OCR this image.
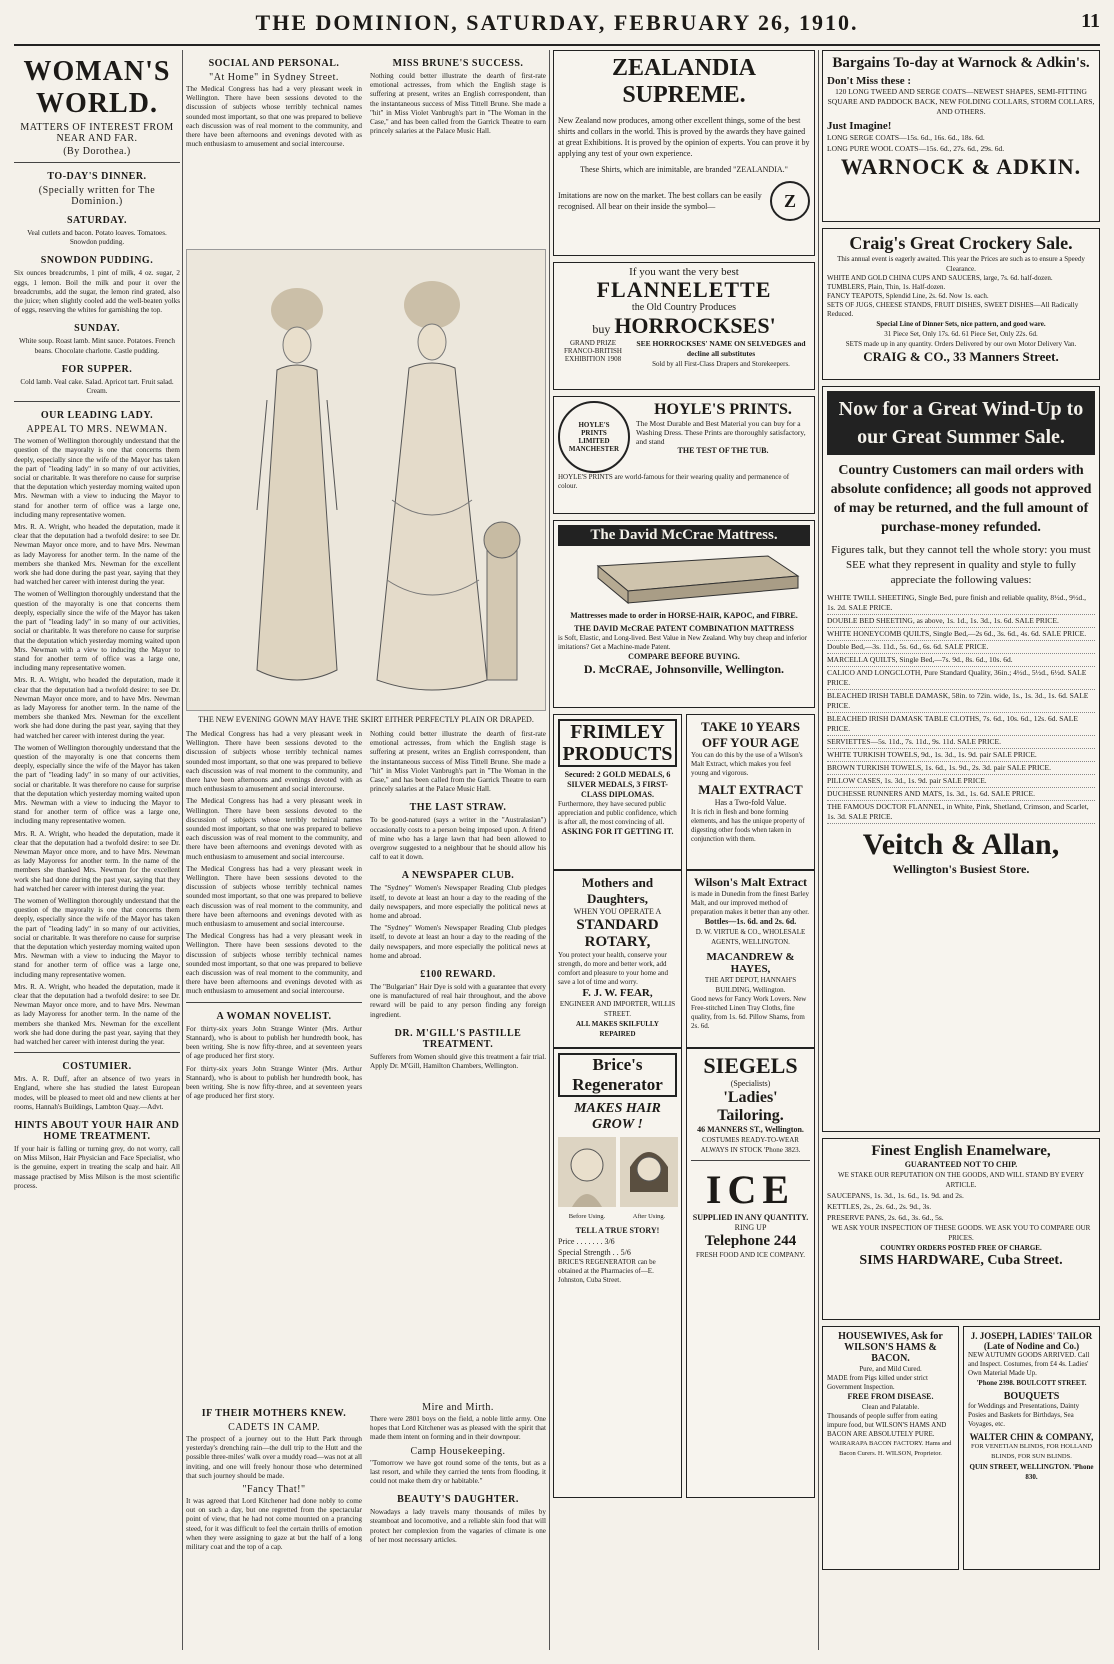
THE DOMINION, SATURDAY, FEBRUARY 26, 1910.	11
WOMAN'S WORLD.
MATTERS OF INTEREST FROM NEAR AND FAR.
(By Dorothea.)
TO-DAY'S DINNER.
(Specially written for The Dominion.)
SATURDAY.

Veal cutlets and bacon. Potato loaves. Tomatoes. Snowdon pudding.

SNOWDON PUDDING.

Six ounces breadcrumbs, 1 pint of milk, 4 oz. sugar, 2 eggs, 1 lemon. Boil the milk and pour it over the breadcrumbs, add the sugar, the lemon rind grated, also the juice; when slightly cooled add the well-beaten yolks of eggs, reserving the whites for garnishing the top.

SUNDAY.

White soup. Roast lamb. Mint sauce. Potatoes. French beans. Chocolate charlotte. Castle pudding.

FOR SUPPER.

Cold lamb. Veal cake. Salad. Apricot tart. Fruit salad. Cream.

OUR LEADING LADY.
APPEAL TO MRS. NEWMAN.

The women of Wellington thoroughly understand that the question of the mayoralty is one that concerns them deeply, especially since the wife of the Mayor has taken the part of "leading lady" in so many of our activities, social or charitable. It was therefore no cause for surprise that the deputation which yesterday morning waited upon Mrs. Newman with a view to inducing the Mayor to stand for another term of office was a large one, including many representative women.

Mrs. R. A. Wright, who headed the deputation, made it clear that the deputation had a twofold desire: to see Dr. Newman Mayor once more, and to have Mrs. Newman as lady Mayoress for another term. In the name of the members she thanked Mrs. Newman for the excellent work she had done during the past year, saying that they had watched her career with interest during the year.

The women of Wellington thoroughly understand that the question of the mayoralty is one that concerns them deeply, especially since the wife of the Mayor has taken the part of "leading lady" in so many of our activities, social or charitable. It was therefore no cause for surprise that the deputation which yesterday morning waited upon Mrs. Newman with a view to inducing the Mayor to stand for another term of office was a large one, including many representative women.

Mrs. R. A. Wright, who headed the deputation, made it clear that the deputation had a twofold desire: to see Dr. Newman Mayor once more, and to have Mrs. Newman as lady Mayoress for another term. In the name of the members she thanked Mrs. Newman for the excellent work she had done during the past year, saying that they had watched her career with interest during the year.

The women of Wellington thoroughly understand that the question of the mayoralty is one that concerns them deeply, especially since the wife of the Mayor has taken the part of "leading lady" in so many of our activities, social or charitable. It was therefore no cause for surprise that the deputation which yesterday morning waited upon Mrs. Newman with a view to inducing the Mayor to stand for another term of office was a large one, including many representative women.

Mrs. R. A. Wright, who headed the deputation, made it clear that the deputation had a twofold desire: to see Dr. Newman Mayor once more, and to have Mrs. Newman as lady Mayoress for another term. In the name of the members she thanked Mrs. Newman for the excellent work she had done during the past year, saying that they had watched her career with interest during the year.

The women of Wellington thoroughly understand that the question of the mayoralty is one that concerns them deeply, especially since the wife of the Mayor has taken the part of "leading lady" in so many of our activities, social or charitable. It was therefore no cause for surprise that the deputation which yesterday morning waited upon Mrs. Newman with a view to inducing the Mayor to stand for another term of office was a large one, including many representative women.

Mrs. R. A. Wright, who headed the deputation, made it clear that the deputation had a twofold desire: to see Dr. Newman Mayor once more, and to have Mrs. Newman as lady Mayoress for another term. In the name of the members she thanked Mrs. Newman for the excellent work she had done during the past year, saying that they had watched her career with interest during the year.

COSTUMIER.

Mrs. A. R. Duff, after an absence of two years in England, where she has studied the latest European modes, will be pleased to meet old and new clients at her rooms, Hannah's Buildings, Lambton Quay.—Advt.

HINTS ABOUT YOUR HAIR AND HOME TREATMENT.

If your hair is falling or turning grey, do not worry, call on Miss Milson, Hair Physician and Face Specialist, who is the genuine, expert in treating the scalp and hair. All massage practised by Miss Milson is the most scientific process.

SOCIAL AND PERSONAL.
"At Home" in Sydney Street.

The Medical Congress has had a very pleasant week in Wellington. There have been sessions devoted to the discussion of subjects whose terribly technical names sounded most important, so that one was prepared to believe each discussion was of real moment to the community, and there have been afternoons and evenings devoted with as much enthusiasm to amusement and social intercourse.

MISS BRUNE'S SUCCESS.

Nothing could better illustrate the dearth of first-rate emotional actresses, from which the English stage is suffering at present, writes an English correspondent, than the instantaneous success of Miss Tittell Brune. She made a "hit" in Miss Violet Vanbrugh's part in "The Woman in the Case," and has been called from the Garrick Theatre to earn princely salaries at the Palace Music Hall.

THE NEW EVENING GOWN MAY HAVE THE SKIRT EITHER PERFECTLY PLAIN OR DRAPED.

The Medical Congress has had a very pleasant week in Wellington. There have been sessions devoted to the discussion of subjects whose terribly technical names sounded most important, so that one was prepared to believe each discussion was of real moment to the community, and there have been afternoons and evenings devoted with as much enthusiasm to amusement and social intercourse.

The Medical Congress has had a very pleasant week in Wellington. There have been sessions devoted to the discussion of subjects whose terribly technical names sounded most important, so that one was prepared to believe each discussion was of real moment to the community, and there have been afternoons and evenings devoted with as much enthusiasm to amusement and social intercourse.

The Medical Congress has had a very pleasant week in Wellington. There have been sessions devoted to the discussion of subjects whose terribly technical names sounded most important, so that one was prepared to believe each discussion was of real moment to the community, and there have been afternoons and evenings devoted with as much enthusiasm to amusement and social intercourse.

The Medical Congress has had a very pleasant week in Wellington. There have been sessions devoted to the discussion of subjects whose terribly technical names sounded most important, so that one was prepared to believe each discussion was of real moment to the community, and there have been afternoons and evenings devoted with as much enthusiasm to amusement and social intercourse.

A WOMAN NOVELIST.

For thirty-six years John Strange Winter (Mrs. Arthur Stannard), who is about to publish her hundredth book, has been writing. She is now fifty-three, and at seventeen years of age produced her first story.

For thirty-six years John Strange Winter (Mrs. Arthur Stannard), who is about to publish her hundredth book, has been writing. She is now fifty-three, and at seventeen years of age produced her first story.

Nothing could better illustrate the dearth of first-rate emotional actresses, from which the English stage is suffering at present, writes an English correspondent, than the instantaneous success of Miss Tittell Brune. She made a "hit" in Miss Violet Vanbrugh's part in "The Woman in the Case," and has been called from the Garrick Theatre to earn princely salaries at the Palace Music Hall.

THE LAST STRAW.

To be good-natured (says a writer in the "Australasian") occasionally costs to a person being imposed upon. A friend of mine who has a large lawn that had been allowed to overgrow suggested to a neighbour that he should allow his calf to eat it down.

A NEWSPAPER CLUB.

The "Sydney" Women's Newspaper Reading Club pledges itself, to devote at least an hour a day to the reading of the daily newspapers, and more especially the political news at home and abroad.

The "Sydney" Women's Newspaper Reading Club pledges itself, to devote at least an hour a day to the reading of the daily newspapers, and more especially the political news at home and abroad.

£100 REWARD.

The "Bulgarian" Hair Dye is sold with a guarantee that every one is manufactured of real hair throughout, and the above reward will be paid to any person finding any foreign ingredient.

DR. M'GILL'S PASTILLE TREATMENT.

Sufferers from Women should give this treatment a fair trial. Apply Dr. M'Gill, Hamilton Chambers, Wellington.

IF THEIR MOTHERS KNEW.
CADETS IN CAMP.

The prospect of a journey out to the Hutt Park through yesterday's drenching rain—the dull trip to the Hutt and the possible three-miles' walk over a muddy road—was not at all inviting, and one will freely honour those who determined that such journey should be made.

"Fancy That!"

It was agreed that Lord Kitchener had done nobly to come out on such a day, but one regretted from the spectacular point of view, that he had not come mounted on a prancing steed, for it was difficult to feel the certain thrills of emotion when they were assigning to gaze at but the half of a long military coat and the top of a cap.

Mire and Mirth.

There were 2801 boys on the field, a noble little army. One hopes that Lord Kitchener was as pleased with the spirit that made them intent on forming and in their downpour.

Camp Housekeeping.

"Tomorrow we have got round some of the tents, but as a last resort, and while they carried the tents from flooding, it could not make them dry or habitable."

BEAUTY'S DAUGHTER.

Nowadays a lady travels many thousands of miles by steamboat and locomotive, and a reliable skin food that will protect her complexion from the vagaries of climate is one of her most necessary articles.

ZEALANDIA SUPREME.
New Zealand now produces, among other excellent things, some of the best shirts and collars in the world. This is proved by the awards they have gained at great Exhibitions. It is proved by the opinion of experts. You can prove it by applying any test of your own experience.
These Shirts, which are inimitable, are branded "ZEALANDIA."
Imitations are now on the market. The best collars can be easily recognised. All bear on their inside the symbol—	Z
If you want the very best
FLANNELETTE
the Old Country Produces
buy HORROCKSES'
GRAND PRIZE FRANCO-BRITISH EXHIBITION 1908
SEE HORROCKSES' NAME ON SELVEDGES and decline all substitutes
Sold by all First-Class Drapers and Storekeepers.
HOYLE'S PRINTS LIMITED MANCHESTER
HOYLE'S PRINTS.
The Most Durable and Best Material you can buy for a Washing Dress. These Prints are thoroughly satisfactory, and stand
THE TEST OF THE TUB.
HOYLE'S PRINTS are world-famous for their wearing quality and permanence of colour.
The David McCrae Mattress.
Mattresses made to order in HORSE-HAIR, KAPOC, and FIBRE.
THE DAVID McCRAE PATENT COMBINATION MATTRESS
is Soft, Elastic, and Long-lived. Best Value in New Zealand. Why buy cheap and inferior imitations? Get a Machine-made Patent.
COMPARE BEFORE BUYING.
D. McCRAE, Johnsonville, Wellington.
FRIMLEY PRODUCTS
Secured: 2 GOLD MEDALS, 6 SILVER MEDALS, 3 FIRST-CLASS DIPLOMAS.
Furthermore, they have secured public appreciation and public confidence, which is after all, the most convincing of all.
ASKING FOR IT GETTING IT.
TAKE 10 YEARS OFF YOUR AGE
You can do this by the use of a Wilson's Malt Extract, which makes you feel young and vigorous.
MALT EXTRACT
Has a Two-fold Value.
It is rich in flesh and bone forming elements, and has the unique property of digesting other foods when taken in conjunction with them.
Mothers and Daughters,
WHEN YOU OPERATE A
STANDARD ROTARY,
You protect your health, conserve your strength, do more and better work, add comfort and pleasure to your home and save a lot of time and worry.
F. J. W. FEAR,
ENGINEER AND IMPORTER, WILLIS STREET.
ALL MAKES SKILFULLY REPAIRED
Wilson's Malt Extract
is made in Dunedin from the finest Barley Malt, and our improved method of preparation makes it better than any other.
Bottles—1s. 6d. and 2s. 6d.
D. W. VIRTUE & CO., WHOLESALE AGENTS, WELLINGTON.
MACANDREW & HAYES,
THE ART DEPOT, HANNAH'S BUILDING, Wellington.
Good news for Fancy Work Lovers. New Free-stitched Linen Tray Cloths, fine quality, from 1s. 6d. Pillow Shams, from 2s. 6d.
Brice's Regenerator
MAKES HAIR GROW !
Before Using.	After Using.
TELL A TRUE STORY!
Price . . . . . . . 3/6
Special Strength . . 5/6
BRICE'S REGENERATOR can be obtained at the Pharmacies of—E. Johnston, Cuba Street.
SIEGELS
(Specialists)
'Ladies' Tailoring.
46 MANNERS ST., Wellington.
COSTUMES READY-TO-WEAR ALWAYS IN STOCK 'Phone 3823.
ICE
SUPPLIED IN ANY QUANTITY.
RING UP
Telephone 244
FRESH FOOD AND ICE COMPANY.
Bargains To-day at Warnock & Adkin's.
Don't Miss these :
120 LONG TWEED AND SERGE COATS—NEWEST SHAPES, SEMI-FITTING SQUARE AND PADDOCK BACK, NEW FOLDING COLLARS, STORM COLLARS, AND OTHERS.
Just Imagine!
LONG SERGE COATS—15s. 6d., 16s. 6d., 18s. 6d.
LONG PURE WOOL COATS—15s. 6d., 27s. 6d., 29s. 6d.
WARNOCK & ADKIN.
Craig's Great Crockery Sale.
This annual event is eagerly awaited. This year the Prices are such as to ensure a Speedy Clearance.
WHITE AND GOLD CHINA CUPS AND SAUCERS, large, 7s. 6d. half-dozen.
TUMBLERS, Plain, Thin, 1s. Half-dozen.
FANCY TEAPOTS, Splendid Line, 2s. 6d. Now 1s. each.
SETS OF JUGS, CHEESE STANDS, FRUIT DISHES, SWEET DISHES—All Radically Reduced.
Special Line of Dinner Sets, nice pattern, and good ware.
31 Piece Set, Only 17s. 6d. 61 Piece Set, Only 22s. 6d.
SETS made up in any quantity. Orders Delivered by our own Motor Delivery Van.
CRAIG & CO., 33 Manners Street.
Now for a Great Wind-Up to our Great Summer Sale.
Country Customers can mail orders with absolute confidence; all goods not approved of may be returned, and the full amount of purchase-money refunded.
Figures talk, but they cannot tell the whole story: you must SEE what they represent in quality and style to fully appreciate the following values:
WHITE TWILL SHEETING, Single Bed, pure finish and reliable quality, 8½d., 9½d., 1s. 2d. SALE PRICE.
DOUBLE BED SHEETING, as above, 1s. 1d., 1s. 3d., 1s. 6d. SALE PRICE.
WHITE HONEYCOMB QUILTS, Single Bed,—2s 6d., 3s. 6d., 4s. 6d. SALE PRICE.
Double Bed,—3s. 11d., 5s. 6d., 6s. 6d. SALE PRICE.
MARCELLA QUILTS, Single Bed,—7s. 9d., 8s. 6d., 10s. 6d.
CALICO AND LONGCLOTH, Pure Standard Quality, 36in.; 4½d., 5½d., 6½d. SALE PRICE.
BLEACHED IRISH TABLE DAMASK, 58in. to 72in. wide, 1s., 1s. 3d., 1s. 6d. SALE PRICE.
BLEACHED IRISH DAMASK TABLE CLOTHS, 7s. 6d., 10s. 6d., 12s. 6d. SALE PRICE.
SERVIETTES—5s. 11d., 7s. 11d., 9s. 11d. SALE PRICE.
WHITE TURKISH TOWELS, 9d., 1s. 3d., 1s. 9d. pair SALE PRICE.
BROWN TURKISH TOWELS, 1s. 6d., 1s. 9d., 2s. 3d. pair SALE PRICE.
PILLOW CASES, 1s. 3d., 1s. 9d. pair SALE PRICE.
DUCHESSE RUNNERS AND MATS, 1s. 3d., 1s. 6d. SALE PRICE.
THE FAMOUS DOCTOR FLANNEL, in White, Pink, Shetland, Crimson, and Scarlet, 1s. 3d. SALE PRICE.
Veitch & Allan,
Wellington's Busiest Store.
Finest English Enamelware,
GUARANTEED NOT TO CHIP.
WE STAKE OUR REPUTATION ON THE GOODS, AND WILL STAND BY EVERY ARTICLE.
SAUCEPANS, 1s. 3d., 1s. 6d., 1s. 9d. and 2s.
KETTLES, 2s., 2s. 6d., 2s. 9d., 3s.
PRESERVE PANS, 2s. 6d., 3s. 6d., 5s.
WE ASK YOUR INSPECTION OF THESE GOODS. WE ASK YOU TO COMPARE OUR PRICES.
COUNTRY ORDERS POSTED FREE OF CHARGE.
SIMS HARDWARE, Cuba Street.
HOUSEWIVES, Ask for WILSON'S HAMS & BACON.
Pure, and Mild Cured.
MADE from Pigs killed under strict Government Inspection.
FREE FROM DISEASE.
Clean and Palatable.
Thousands of people suffer from eating impure food, but WILSON'S HAMS AND BACON ARE ABSOLUTELY PURE.
WAIRARAPA BACON FACTORY. Hams and Bacon Curers. H. WILSON, Proprietor.
J. JOSEPH, LADIES' TAILOR (Late of Nodine and Co.)
NEW AUTUMN GOODS ARRIVED. Call and Inspect. Costumes, from £4 4s. Ladies' Own Material Made Up.
'Phone 2398. BOULCOTT STREET.
BOUQUETS
for Weddings and Presentations, Dainty Posies and Baskets for Birthdays, Sea Voyages, etc.
WALTER CHIN & COMPANY,
FOR VENETIAN BLINDS, FOR HOLLAND BLINDS, FOR SUN BLINDS.
QUIN STREET, WELLINGTON. 'Phone 830.
